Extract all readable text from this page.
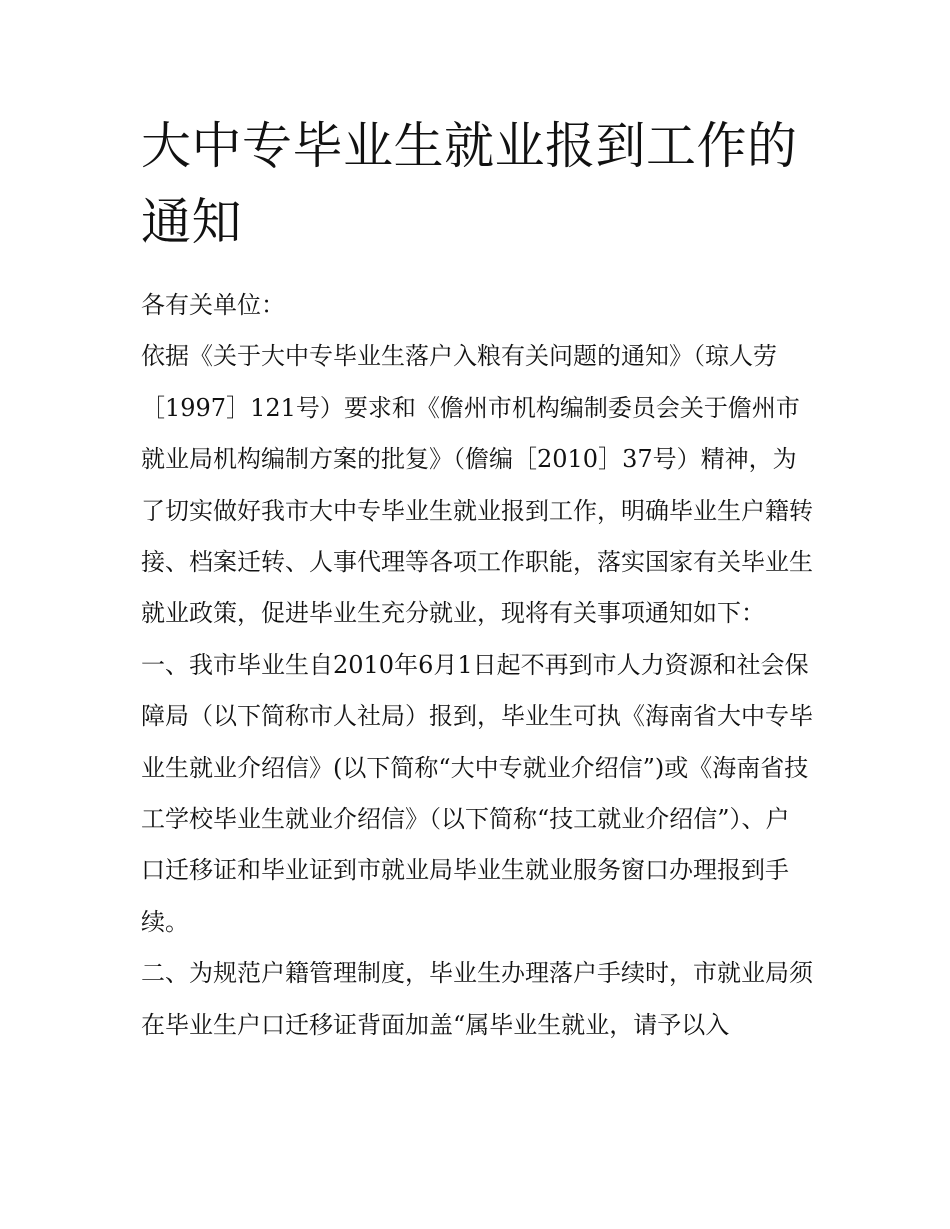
大中专毕业生就业报到工作的通知

各有关单位：

依据《关于大中专毕业生落户入粮有关问题的通知》（琼人劳［1997］121号）要求和《儋州市机构编制委员会关于儋州市就业局机构编制方案的批复》（儋编［2010］37号）精神，为了切实做好我市大中专毕业生就业报到工作，明确毕业生户籍转接、档案迁转、人事代理等各项工作职能，落实国家有关毕业生就业政策，促进毕业生充分就业，现将有关事项通知如下：

一、我市毕业生自2010年6月1日起不再到市人力资源和社会保障局（以下简称市人社局）报到，毕业生可执《海南省大中专毕业生就业介绍信》(以下简称“大中专就业介绍信”)或《海南省技工学校毕业生就业介绍信》（以下简称“技工就业介绍信”）、户口迁移证和毕业证到市就业局毕业生就业服务窗口办理报到手续。

二、为规范户籍管理制度，毕业生办理落户手续时，市就业局须在毕业生户口迁移证背面加盖“属毕业生就业，请予以入
